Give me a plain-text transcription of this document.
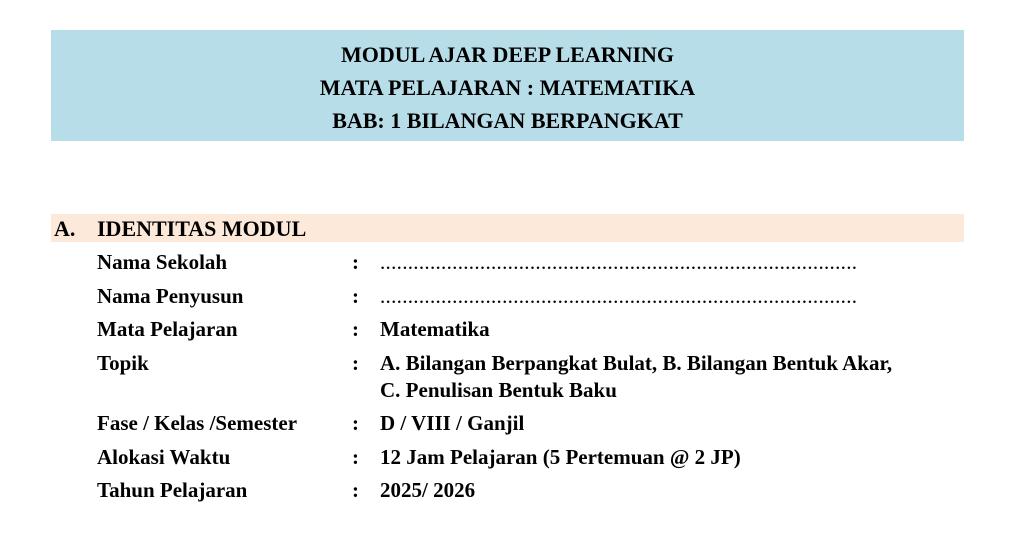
MODUL AJAR DEEP LEARNING
MATA PELAJARAN : MATEMATIKA
BAB: 1 BILANGAN BERPANGKAT
A. IDENTITAS MODUL
Nama Sekolah	: ......................................................................................
Nama Penyusun	: ......................................................................................
Mata Pelajaran	: Matematika
Topik	: A. Bilangan Berpangkat Bulat, B. Bilangan Bentuk Akar,
C. Penulisan Bentuk Baku
Fase / Kelas /Semester	: D / VIII / Ganjil
Alokasi Waktu	: 12 Jam Pelajaran (5 Pertemuan @ 2 JP)
Tahun Pelajaran	: 2025/ 2026
